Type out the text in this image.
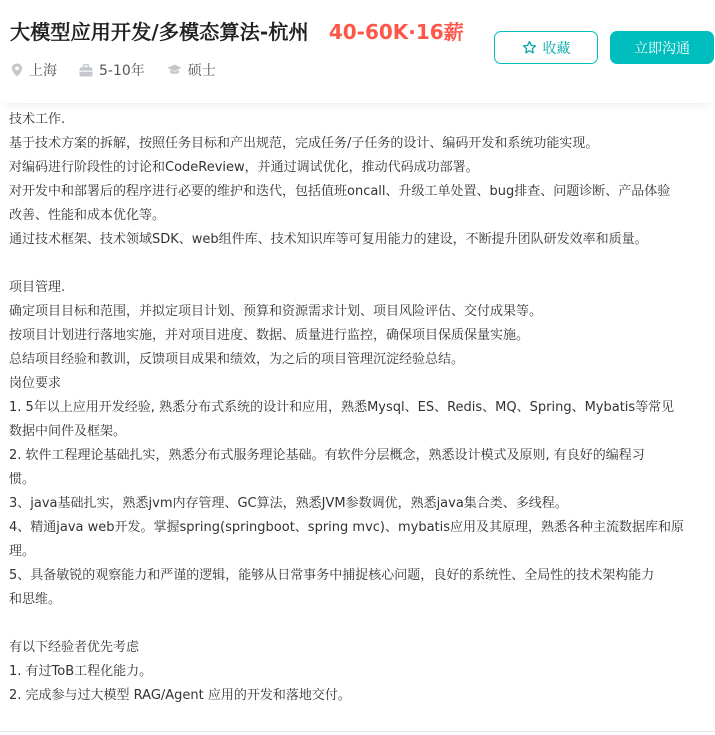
大模型应用开发/多模态算法-杭州 40-60K·16薪
上海	5-10年	硕士
收藏	立即沟通
技术工作.
基于技术方案的拆解，按照任务目标和产出规范，完成任务/子任务的设计、编码开发和系统功能实现。
对编码进行阶段性的讨论和CodeReview，并通过调试优化，推动代码成功部署。
对开发中和部署后的程序进行必要的维护和迭代，包括值班oncall、升级工单处置、bug排查、问题诊断、产品体验
改善、性能和成本优化等。
通过技术框架、技术领域SDK、web组件库、技术知识库等可复用能力的建设，不断提升团队研发效率和质量。
项目管理.
确定项目目标和范围，并拟定项目计划、预算和资源需求计划、项目风险评估、交付成果等。
按项目计划进行落地实施，并对项目进度、数据、质量进行监控，确保项目保质保量实施。
总结项目经验和教训，反馈项目成果和绩效，为之后的项目管理沉淀经验总结。
岗位要求
1. 5年以上应用开发经验, 熟悉分布式系统的设计和应用，熟悉Mysql、ES、Redis、MQ、Spring、Mybatis等常见
数据中间件及框架。
2. 软件工程理论基础扎实，熟悉分布式服务理论基础。有软件分层概念，熟悉设计模式及原则, 有良好的编程习
惯。
3、java基础扎实，熟悉jvm内存管理、GC算法，熟悉JVM参数调优，熟悉java集合类、多线程。
4、精通java web开发。掌握spring(springboot、spring mvc)、mybatis应用及其原理，熟悉各种主流数据库和原
理。
5、具备敏锐的观察能力和严谨的逻辑，能够从日常事务中捕捉核心问题，良好的系统性、全局性的技术架构能力
和思维。
有以下经验者优先考虑
1. 有过ToB工程化能力。
2. 完成参与过大模型 RAG/Agent 应用的开发和落地交付。
